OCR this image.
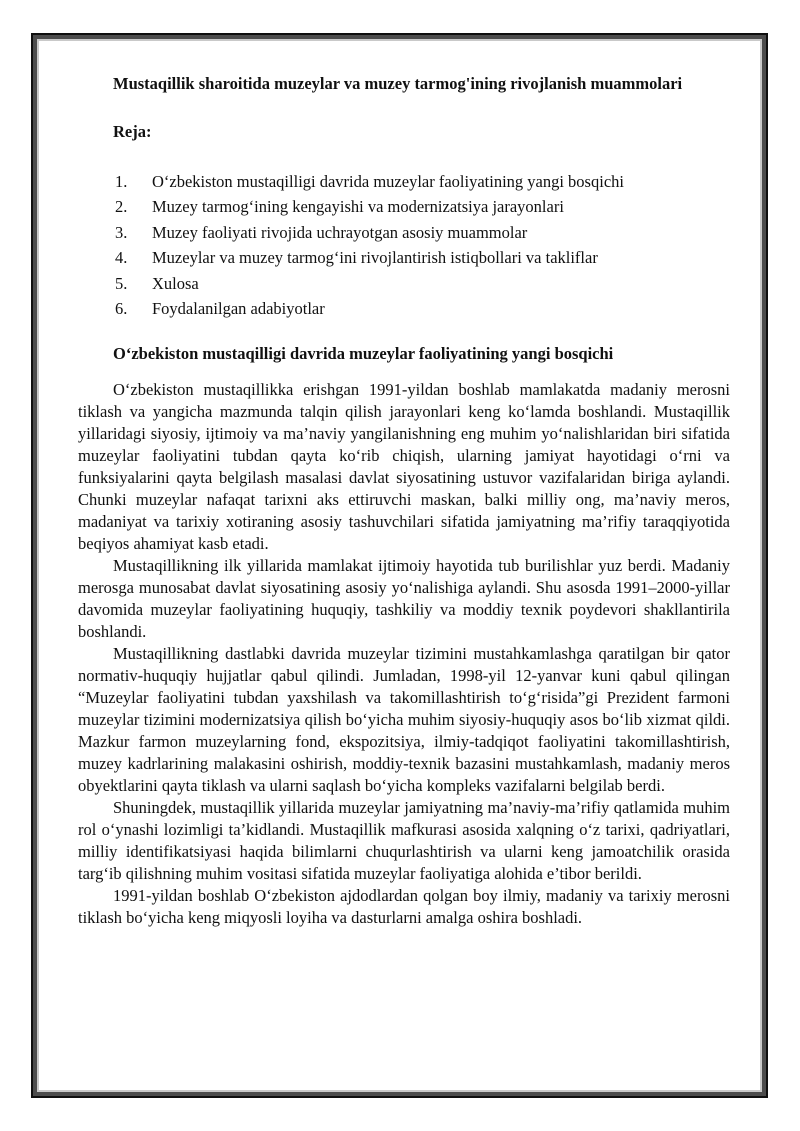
Mustaqillik sharoitida muzeylar va muzey tarmog'ining rivojlanish muammolari

Reja:

1.	Oʻzbekiston mustaqilligi davrida muzeylar faoliyatining yangi bosqichi
2.	Muzey tarmogʻining kengayishi va modernizatsiya jarayonlari
3.	Muzey faoliyati rivojida uchrayotgan asosiy muammolar
4.	Muzeylar va muzey tarmogʻini rivojlantirish istiqbollari va takliflar
5.	Xulosa
6.	Foydalanilgan adabiyotlar

Oʻzbekiston mustaqilligi davrida muzeylar faoliyatining yangi bosqichi

Oʻzbekiston mustaqillikka erishgan 1991-yildan boshlab mamlakatda madaniy merosni tiklash va yangicha mazmunda talqin qilish jarayonlari keng koʻlamda boshlandi. Mustaqillik yillaridagi siyosiy, ijtimoiy va ma’naviy yangilanishning eng muhim yoʻnalishlaridan biri sifatida muzeylar faoliyatini tubdan qayta koʻrib chiqish, ularning jamiyat hayotidagi oʻrni va funksiyalarini qayta belgilash masalasi davlat siyosatining ustuvor vazifalaridan biriga aylandi. Chunki muzeylar nafaqat tarixni aks ettiruvchi maskan, balki milliy ong, ma’naviy meros, madaniyat va tarixiy xotiraning asosiy tashuvchilari sifatida jamiyatning ma’rifiy taraqqiyotida beqiyos ahamiyat kasb etadi.

Mustaqillikning ilk yillarida mamlakat ijtimoiy hayotida tub burilishlar yuz berdi. Madaniy merosga munosabat davlat siyosatining asosiy yoʻnalishiga aylandi. Shu asosda 1991–2000-yillar davomida muzeylar faoliyatining huquqiy, tashkiliy va moddiy texnik poydevori shakllantirila boshlandi.

Mustaqillikning dastlabki davrida muzeylar tizimini mustahkamlashga qaratilgan bir qator normativ-huquqiy hujjatlar qabul qilindi. Jumladan, 1998-yil 12-yanvar kuni qabul qilingan “Muzeylar faoliyatini tubdan yaxshilash va takomillashtirish toʻgʻrisida”gi Prezident farmoni muzeylar tizimini modernizatsiya qilish boʻyicha muhim siyosiy-huquqiy asos boʻlib xizmat qildi. Mazkur farmon muzeylarning fond, ekspozitsiya, ilmiy-tadqiqot faoliyatini takomillashtirish, muzey kadrlarining malakasini oshirish, moddiy-texnik bazasini mustahkamlash, madaniy meros obyektlarini qayta tiklash va ularni saqlash boʻyicha kompleks vazifalarni belgilab berdi.

Shuningdek, mustaqillik yillarida muzeylar jamiyatning ma’naviy-ma’rifiy qatlamida muhim rol oʻynashi lozimligi ta’kidlandi. Mustaqillik mafkurasi asosida xalqning oʻz tarixi, qadriyatlari, milliy identifikatsiyasi haqida bilimlarni chuqurlashtirish va ularni keng jamoatchilik orasida targʻib qilishning muhim vositasi sifatida muzeylar faoliyatiga alohida e’tibor berildi.

1991-yildan boshlab Oʻzbekiston ajdodlardan qolgan boy ilmiy, madaniy va tarixiy merosni tiklash boʻyicha keng miqyosli loyiha va dasturlarni amalga oshira boshladi.
